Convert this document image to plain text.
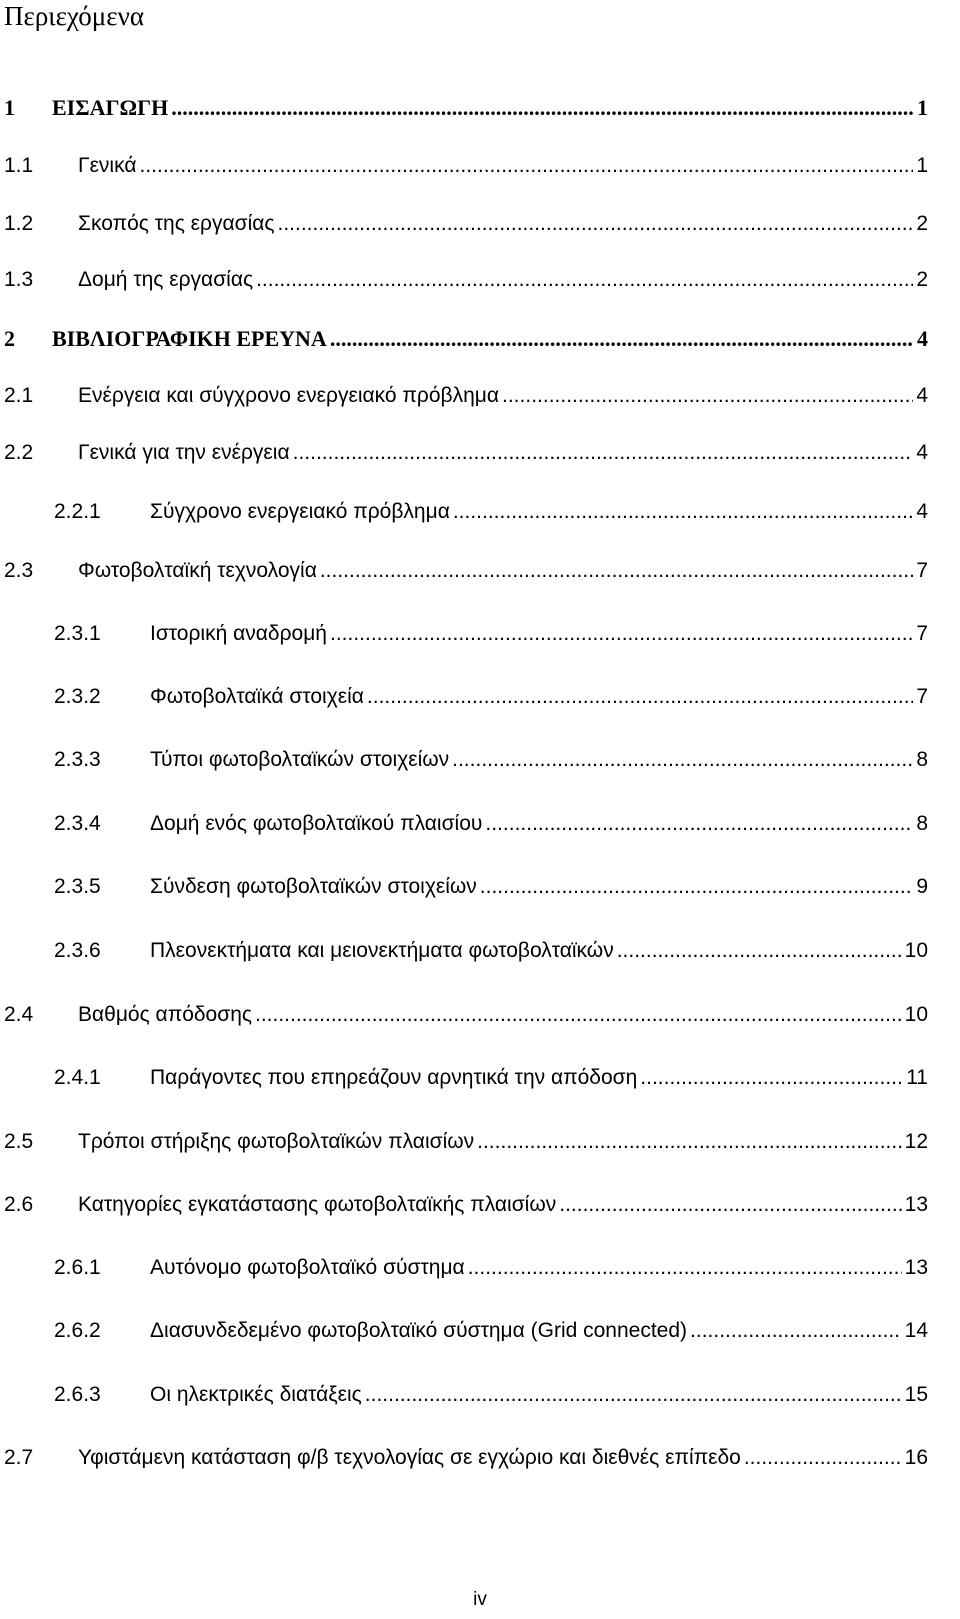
Περιεχόμενα
1	ΕΙΣΑΓΩΓΗ .....	1
1.1	Γενικά .....	1
1.2	Σκοπός της εργασίας .....	2
1.3	Δομή της εργασίας .....	2
2	ΒΙΒΛΙΟΓΡΑΦΙΚΗ ΕΡΕΥΝΑ .....	4
2.1	Ενέργεια και σύγχρονο ενεργειακό πρόβλημα .....	4
2.2	Γενικά για την ενέργεια .....	4
2.2.1	Σύγχρονο ενεργειακό πρόβλημα .....	4
2.3	Φωτοβολταϊκή τεχνολογία .....	7
2.3.1	Ιστορική αναδρομή .....	7
2.3.2	Φωτοβολταϊκά στοιχεία .....	7
2.3.3	Τύποι φωτοβολταϊκών στοιχείων .....	8
2.3.4	Δομή ενός φωτοβολταϊκού πλαισίου .....	8
2.3.5	Σύνδεση φωτοβολταϊκών στοιχείων .....	9
2.3.6	Πλεονεκτήματα και μειονεκτήματα φωτοβολταϊκών .....	10
2.4	Βαθμός απόδοσης .....	10
2.4.1	Παράγοντες που επηρεάζουν αρνητικά την απόδοση .....	11
2.5	Τρόποι στήριξης φωτοβολταϊκών πλαισίων .....	12
2.6	Κατηγορίες εγκατάστασης φωτοβολταϊκής πλαισίων .....	13
2.6.1	Αυτόνομο φωτοβολταϊκό σύστημα .....	13
2.6.2	Διασυνδεδεμένο φωτοβολταϊκό σύστημα (Grid connected) .....	14
2.6.3	Οι ηλεκτρικές διατάξεις .....	15
2.7	Υφιστάμενη κατάσταση φ/β τεχνολογίας σε εγχώριο και διεθνές επίπεδο .....	16
iv
